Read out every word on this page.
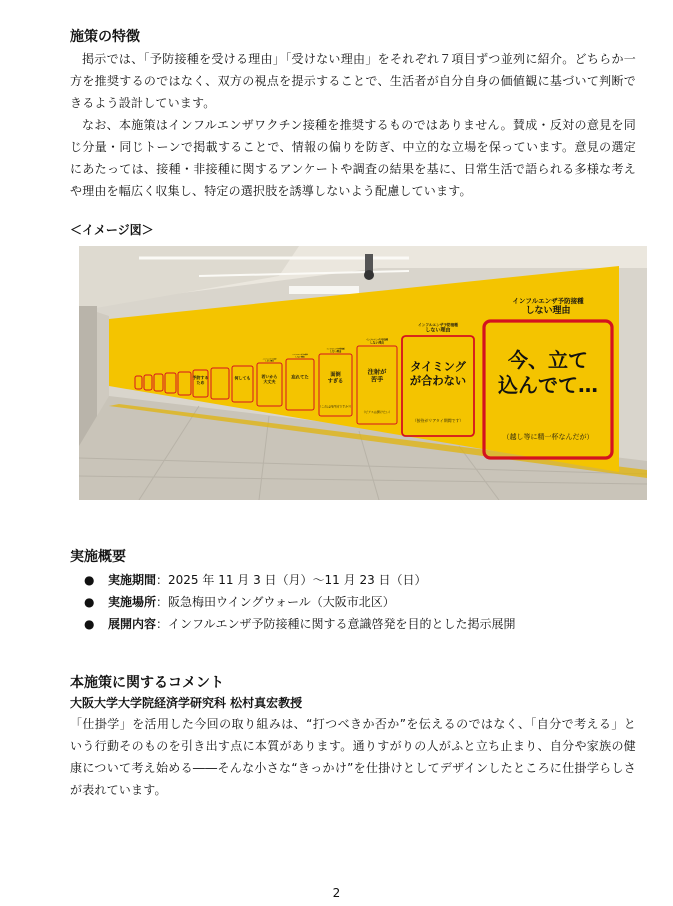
施策の特徴

掲示では、「予防接種を受ける理由」「受けない理由」をそれぞれ７項目ずつ並列に紹介。どちらか一方を推奨するのではなく、双方の視点を提示することで、生活者が自分自身の価値観に基づいて判断できるよう設計しています。

なお、本施策はインフルエンザワクチン接種を推奨するものではありません。賛成・反対の意見を同じ分量・同じトーンで掲載することで、情報の偏りを防ぎ、中立的な立場を保っています。意見の選定にあたっては、接種・非接種に関するアンケートや調査の結果を基に、日常生活で語られる多様な考えや理由を幅広く収集し、特定の選択肢を誘導しないよう配慮しています。

＜イメージ図＞
インフルエンザ予防接種
しない理由
今、立て
込んでて…
（越し等に精一杯なんだが）
インフルエンザ予防接種
しない理由
タイミング
が合わない
（接待がリアタイ期間です）
インフルエンザ予防接種
しない理由
注射が
苦手
（ピアスは開けたい）
インフルエンザ予防接種
しない理由
面倒
すぎる
（これは何件目ですか?）
インフルエンザ予防接種
しない理由
忘れてた
インフルエンザ予防接種
しない理由
若いから
大丈夫
何しても
予防する
ため
実施概要
● 実施期間：2025 年 11 月 3 日（月）〜11 月 23 日（日）
● 実施場所：阪急梅田ウイングウォール（大阪市北区）
● 展開内容：インフルエンザ予防接種に関する意識啓発を目的とした掲示展開
本施策に関するコメント
大阪大学大学院経済学研究科 松村真宏教授

「仕掛学」を活用した今回の取り組みは、“打つべきか否か”を伝えるのではなく、「自分で考える」という行動そのものを引き出す点に本質があります。通りすがりの人がふと立ち止まり、自分や家族の健康について考え始める――そんな小さな“きっかけ”を仕掛けとしてデザインしたところに仕掛学らしさが表れています。

2
